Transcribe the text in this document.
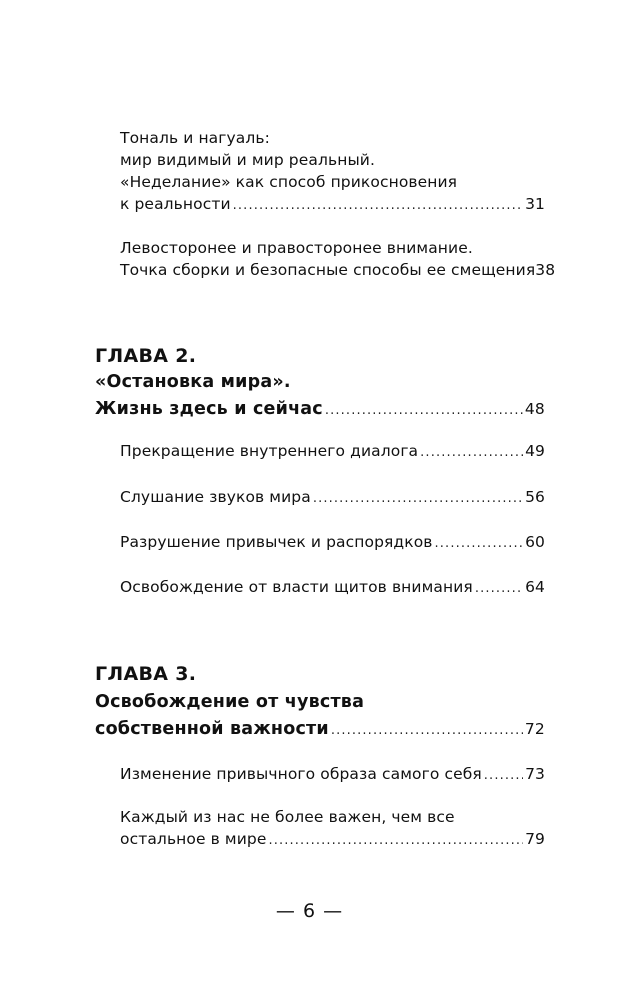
Тональ и нагуаль:
мир видимый и мир реальный.
«Неделание» как способ прикосновения
к реальности . . .	31
Левосторонее и правосторонее внимание.
Точка сборки и безопасные способы ее смещения 38
ГЛАВА 2.
«Остановка мира».
Жизнь здесь и сейчас . . .	48
Прекращение внутреннего диалога . . .	49
Слушание звуков мира . . .	56
Разрушение привычек и распорядков . . .	60
Освобождение от власти щитов внимания . . .	64
ГЛАВА 3.
Освобождение от чувства
собственной важности . . .	72
Изменение привычного образа самого себя . . .	73
Каждый из нас не более важен, чем все
остальное в мире . . .	79
— 6 —
